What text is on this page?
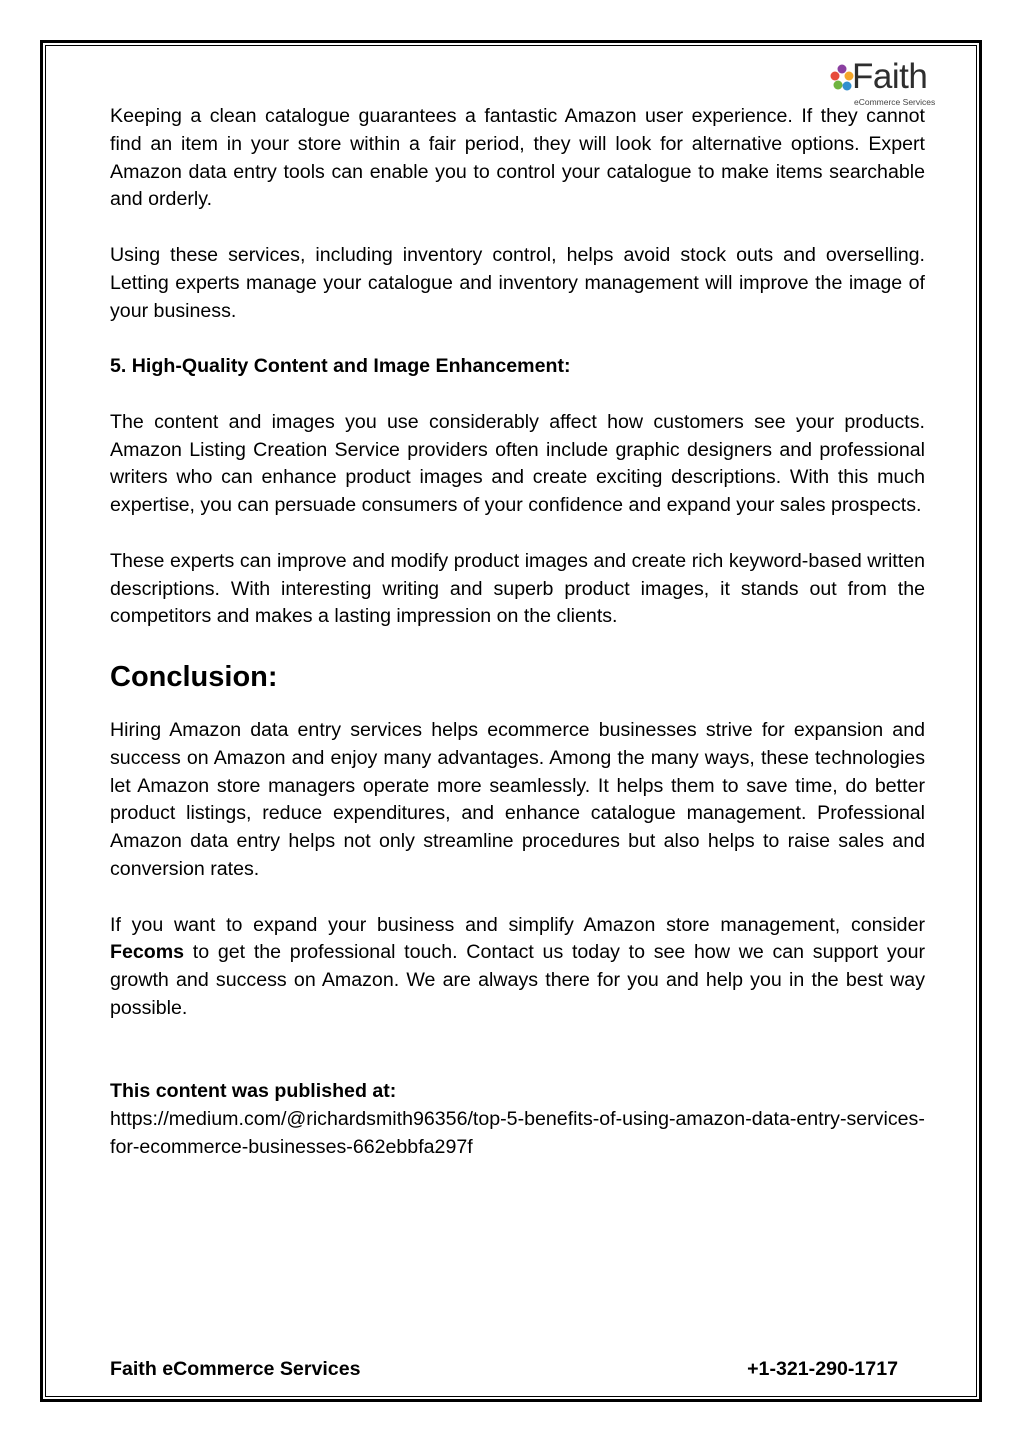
Faith
eCommerce Services

Keeping a clean catalogue guarantees a fantastic Amazon user experience. If they cannot find an item in your store within a fair period, they will look for alternative options. Expert Amazon data entry tools can enable you to control your catalogue to make items searchable and orderly.

Using these services, including inventory control, helps avoid stock outs and overselling. Letting experts manage your catalogue and inventory management will improve the image of your business.

5. High-Quality Content and Image Enhancement:

The content and images you use considerably affect how customers see your products. Amazon Listing Creation Service providers often include graphic designers and professional writers who can enhance product images and create exciting descriptions. With this much expertise, you can persuade consumers of your confidence and expand your sales prospects.

These experts can improve and modify product images and create rich keyword-based written descriptions. With interesting writing and superb product images, it stands out from the competitors and makes a lasting impression on the clients.

Conclusion:

Hiring Amazon data entry services helps ecommerce businesses strive for expansion and success on Amazon and enjoy many advantages. Among the many ways, these technologies let Amazon store managers operate more seamlessly. It helps them to save time, do better product listings, reduce expenditures, and enhance catalogue management. Professional Amazon data entry helps not only streamline procedures but also helps to raise sales and conversion rates.

If you want to expand your business and simplify Amazon store management, consider Fecoms to get the professional touch. Contact us today to see how we can support your growth and success on Amazon. We are always there for you and help you in the best way possible.

This content was published at:
https://medium.com/@richardsmith96356/top-5-benefits-of-using-amazon-data-entry-services-for-ecommerce-businesses-662ebbfa297f
Faith eCommerce Services	+1-321-290-1717
